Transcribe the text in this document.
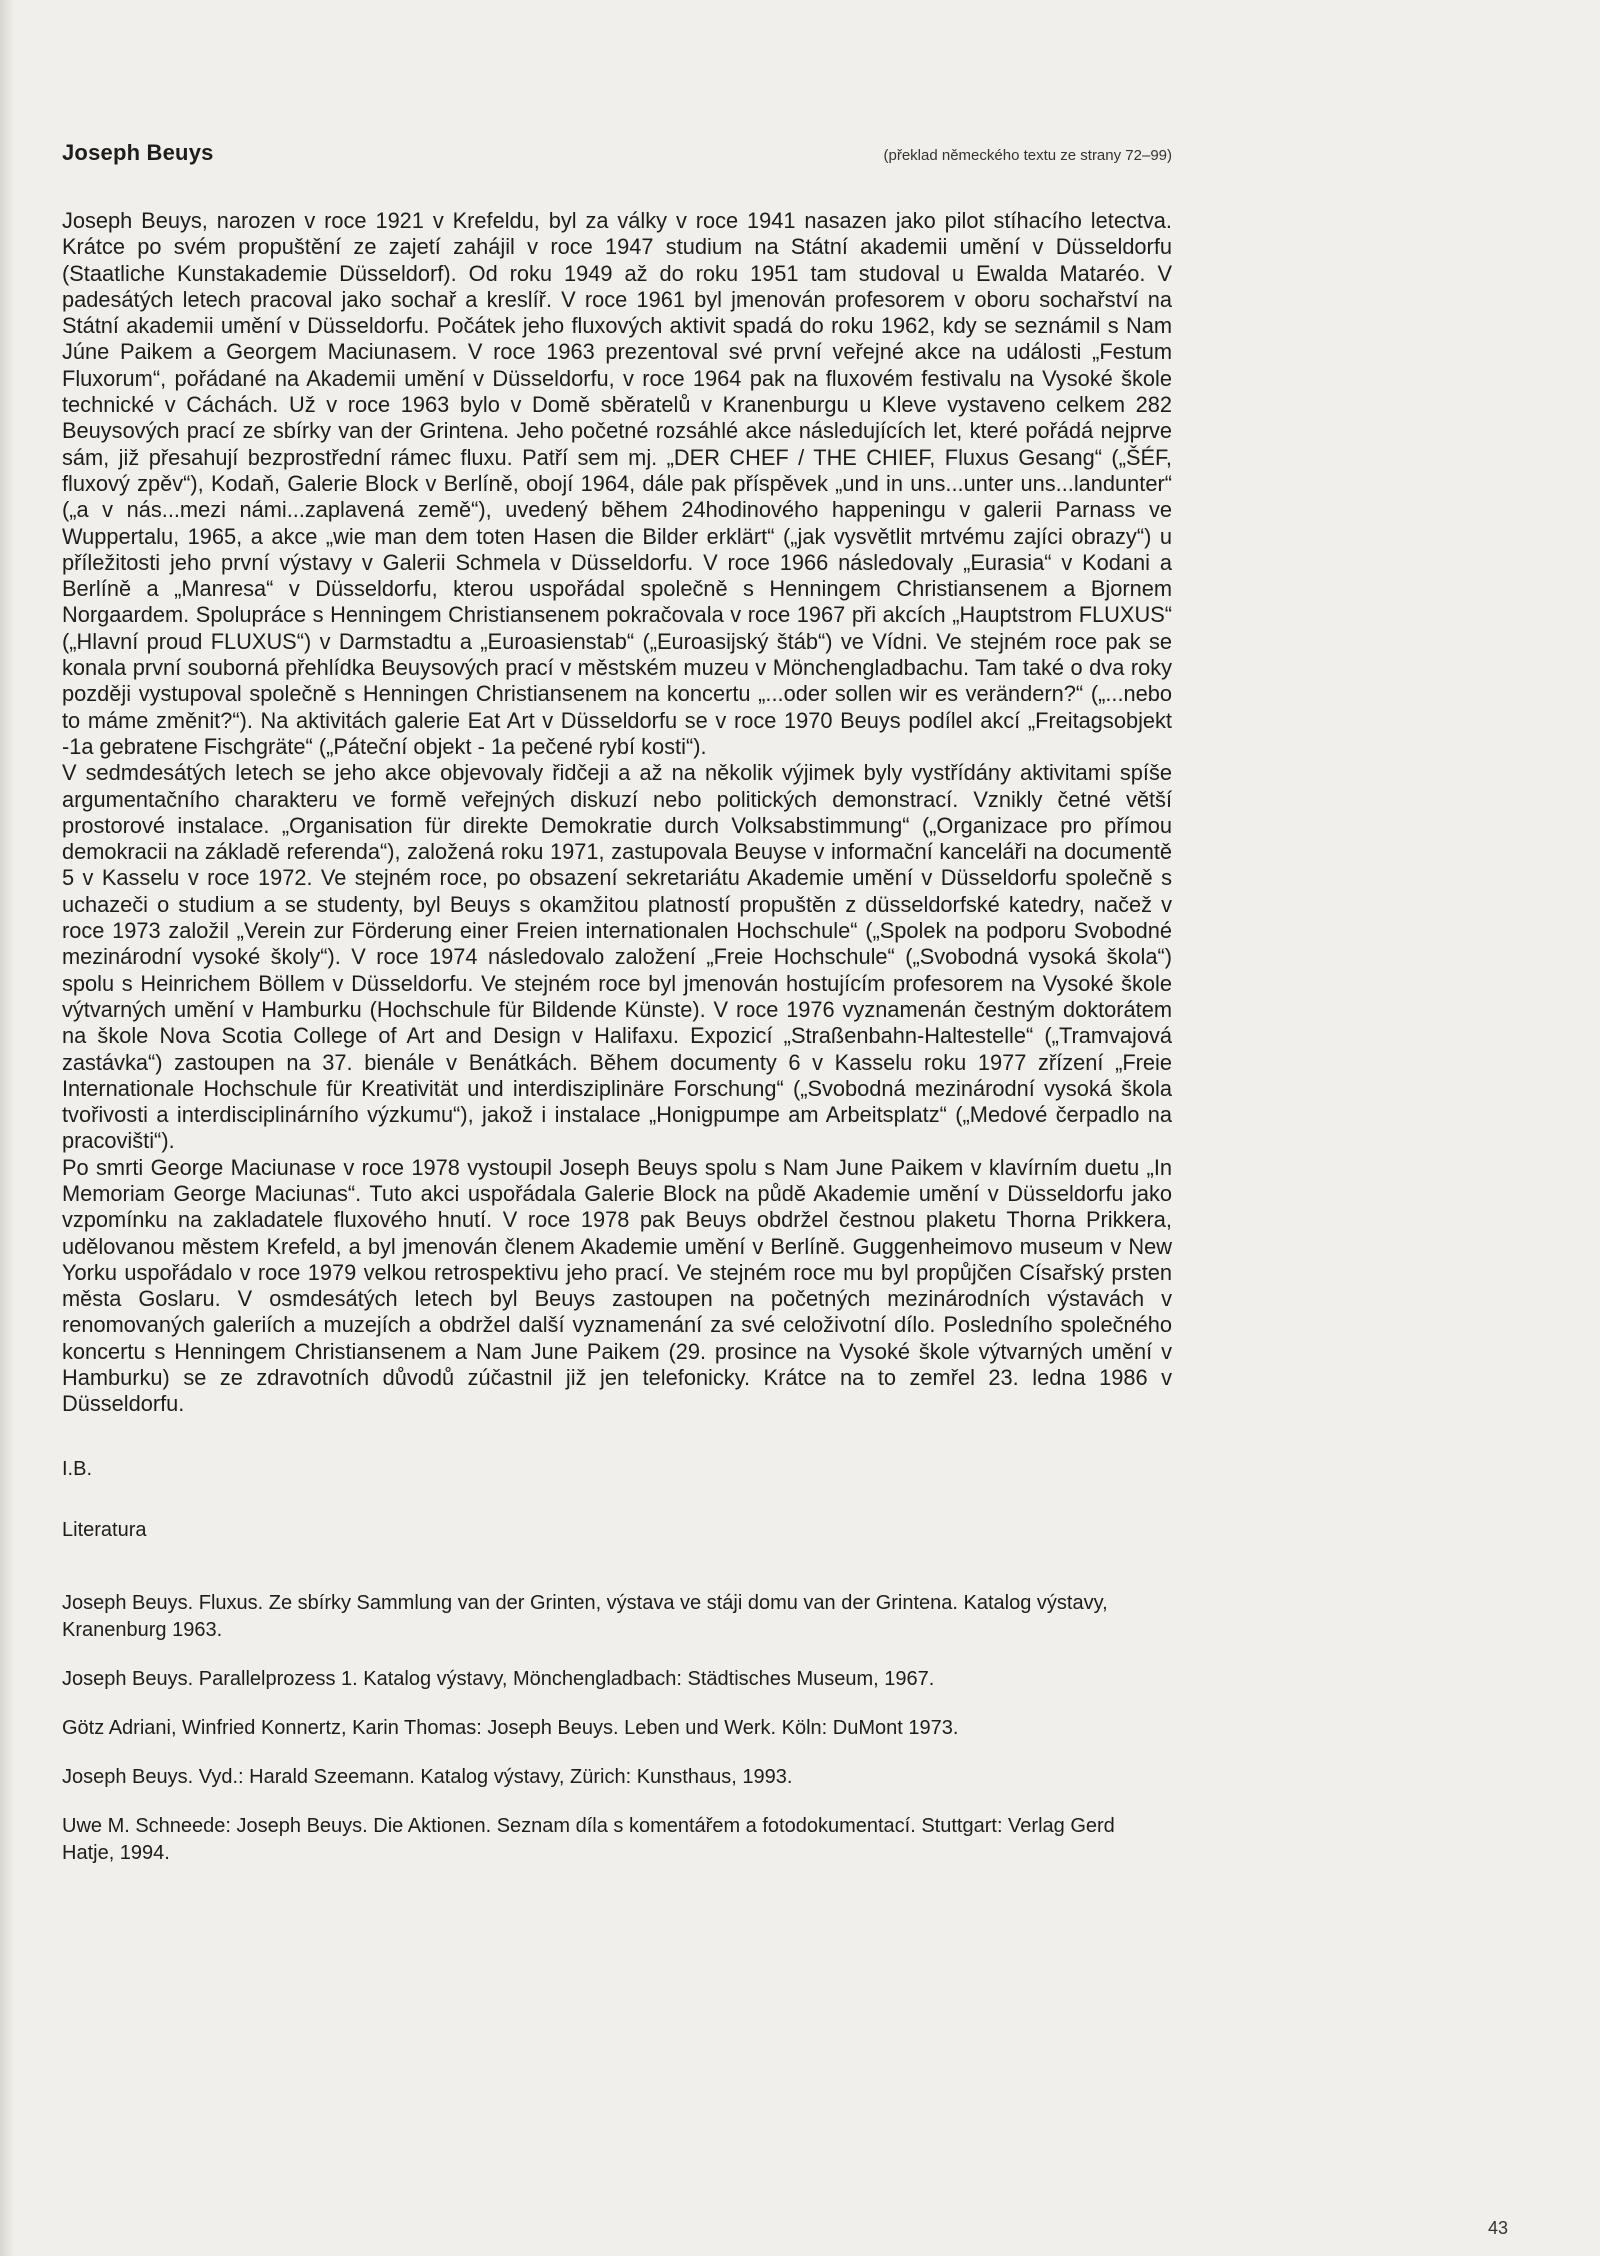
Joseph Beuys	(překlad německého textu ze strany 72–99)

Joseph Beuys, narozen v roce 1921 v Krefeldu, byl za války v roce 1941 nasazen jako pilot stíhacího letectva. Krátce po svém propuštění ze zajetí zahájil v roce 1947 studium na Státní akademii umění v Düsseldorfu (Staatliche Kunstakademie Düsseldorf). Od roku 1949 až do roku 1951 tam studoval u Ewalda Mataréo. V padesátých letech pracoval jako sochař a kreslíř. V roce 1961 byl jmenován profesorem v oboru sochařství na Státní akademii umění v Düsseldorfu. Počátek jeho fluxových aktivit spadá do roku 1962, kdy se seznámil s Nam Júne Paikem a Georgem Maciunasem. V roce 1963 prezentoval své první veřejné akce na události „Festum Fluxorum“, pořádané na Akademii umění v Düsseldorfu, v roce 1964 pak na fluxovém festivalu na Vysoké škole technické v Cáchách. Už v roce 1963 bylo v Domě sběratelů v Kranenburgu u Kleve vystaveno celkem 282 Beuysových prací ze sbírky van der Grintena. Jeho početné rozsáhlé akce následujících let, které pořádá nejprve sám, již přesahují bezprostřední rámec fluxu. Patří sem mj. „DER CHEF / THE CHIEF, Fluxus Gesang“ („ŠÉF, fluxový zpěv“), Kodaň, Galerie Block v Berlíně, obojí 1964, dále pak příspěvek „und in uns...unter uns...landunter“ („a v nás...mezi námi...zaplavená země“), uvedený během 24hodinového happeningu v galerii Parnass ve Wuppertalu, 1965, a akce „wie man dem toten Hasen die Bilder erklärt“ („jak vysvětlit mrtvému zajíci obrazy“) u příležitosti jeho první výstavy v Galerii Schmela v Düsseldorfu. V roce 1966 následovaly „Eurasia“ v Kodani a Berlíně a „Manresa“ v Düsseldorfu, kterou uspořádal společně s Henningem Christiansenem a Bjornem Norgaardem. Spolupráce s Henningem Christiansenem pokračovala v roce 1967 při akcích „Hauptstrom FLUXUS“ („Hlavní proud FLUXUS“) v Darmstadtu a „Euroasienstab“ („Euroasijský štáb“) ve Vídni. Ve stejném roce pak se konala první souborná přehlídka Beuysových prací v městském muzeu v Mönchengladbachu. Tam také o dva roky později vystupoval společně s Henningen Christiansenem na koncertu „...oder sollen wir es verändern?“ („...nebo to máme změnit?“). Na aktivitách galerie Eat Art v Düsseldorfu se v roce 1970 Beuys podílel akcí „Freitagsobjekt -1a gebratene Fischgräte“ („Páteční objekt - 1a pečené rybí kosti“).

V sedmdesátých letech se jeho akce objevovaly řidčeji a až na několik výjimek byly vystřídány aktivitami spíše argumentačního charakteru ve formě veřejných diskuzí nebo politických demonstrací. Vznikly četné větší prostorové instalace. „Organisation für direkte Demokratie durch Volksabstimmung“ („Organizace pro přímou demokracii na základě referenda“), založená roku 1971, zastupovala Beuyse v informační kanceláři na documentě 5 v Kasselu v roce 1972. Ve stejném roce, po obsazení sekretariátu Akademie umění v Düsseldorfu společně s uchazeči o studium a se studenty, byl Beuys s okamžitou platností propuštěn z düsseldorfské katedry, načež v roce 1973 založil „Verein zur Förderung einer Freien internationalen Hochschule“ („Spolek na podporu Svobodné mezinárodní vysoké školy“). V roce 1974 následovalo založení „Freie Hochschule“ („Svobodná vysoká škola“) spolu s Heinrichem Böllem v Düsseldorfu. Ve stejném roce byl jmenován hostujícím profesorem na Vysoké škole výtvarných umění v Hamburku (Hochschule für Bildende Künste). V roce 1976 vyznamenán čestným doktorátem na škole Nova Scotia College of Art and Design v Halifaxu. Expozicí „Straßenbahn-Haltestelle“ („Tramvajová zastávka“) zastoupen na 37. bienále v Benátkách. Během documenty 6 v Kasselu roku 1977 zřízení „Freie Internationale Hochschule für Kreativität und interdisziplinäre Forschung“ („Svobodná mezinárodní vysoká škola tvořivosti a interdisciplinárního výzkumu“), jakož i instalace „Honigpumpe am Arbeitsplatz“ („Medové čerpadlo na pracovišti“).

Po smrti George Maciunase v roce 1978 vystoupil Joseph Beuys spolu s Nam June Paikem v klavírním duetu „In Memoriam George Maciunas“. Tuto akci uspořádala Galerie Block na půdě Akademie umění v Düsseldorfu jako vzpomínku na zakladatele fluxového hnutí. V roce 1978 pak Beuys obdržel čestnou plaketu Thorna Prikkera, udělovanou městem Krefeld, a byl jmenován členem Akademie umění v Berlíně. Guggenheimovo museum v New Yorku uspořádalo v roce 1979 velkou retrospektivu jeho prací. Ve stejném roce mu byl propůjčen Císařský prsten města Goslaru. V osmdesátých letech byl Beuys zastoupen na početných mezinárodních výstavách v renomovaných galeriích a muzejích a obdržel další vyznamenání za své celoživotní dílo. Posledního společného koncertu s Henningem Christiansenem a Nam June Paikem (29. prosince na Vysoké škole výtvarných umění v Hamburku) se ze zdravotních důvodů zúčastnil již jen telefonicky. Krátce na to zemřel 23. ledna 1986 v Düsseldorfu.

I.B.
Literatura

Joseph Beuys. Fluxus. Ze sbírky Sammlung van der Grinten, výstava ve stáji domu van der Grintena. Katalog výstavy, Kranenburg 1963.

Joseph Beuys. Parallelprozess 1. Katalog výstavy, Mönchengladbach: Städtisches Museum, 1967.

Götz Adriani, Winfried Konnertz, Karin Thomas: Joseph Beuys. Leben und Werk. Köln: DuMont 1973.

Joseph Beuys. Vyd.: Harald Szeemann. Katalog výstavy, Zürich: Kunsthaus, 1993.

Uwe M. Schneede: Joseph Beuys. Die Aktionen. Seznam díla s komentářem a fotodokumentací. Stuttgart: Verlag Gerd Hatje, 1994.

43
